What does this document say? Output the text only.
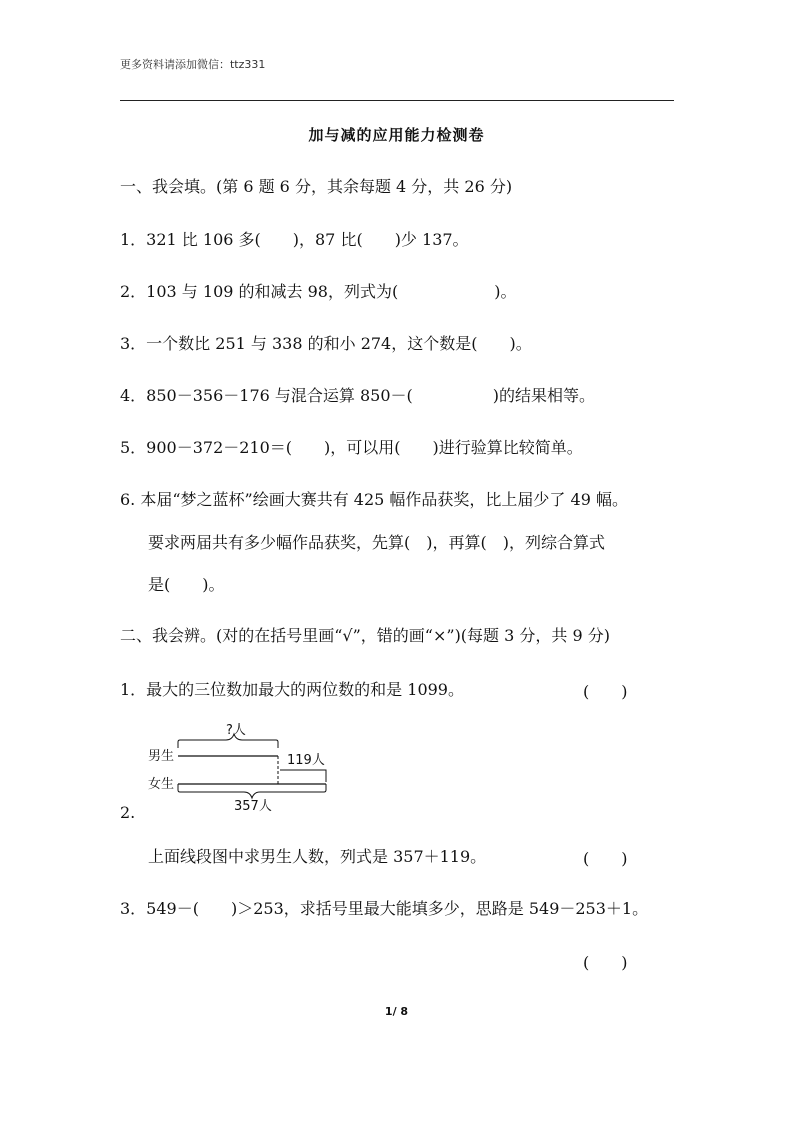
更多资料请添加微信：ttz331
加与减的应用能力检测卷
一、我会填。(第 6 题 6 分，其余每题 4 分，共 26 分)
1．321 比 106 多(　　)，87 比(　　)少 137。
2．103 与 109 的和减去 98，列式为(　　　　　　)。
3．一个数比 251 与 338 的和小 274，这个数是(　　)。
4．850－356－176 与混合运算 850－(　　　　　)的结果相等。
5．900－372－210＝(　　)，可以用(　　)进行验算比较简单。
6. 本届“梦之蓝杯”绘画大赛共有 425 幅作品获奖，比上届少了 49 幅。
要求两届共有多少幅作品获奖，先算(　)，再算(　)，列综合算式
是(　　)。
二、我会辨。(对的在括号里画“√”，错的画“×”)(每题 3 分，共 9 分)
1．最大的三位数加最大的两位数的和是 1099。	(　　)
?人
男生	119人
女生
357人
2.
上面线段图中求男生人数，列式是 357＋119。	(　　)
3．549－(　　)＞253，求括号里最大能填多少，思路是 549－253＋1。
(　　)
1/ 8
